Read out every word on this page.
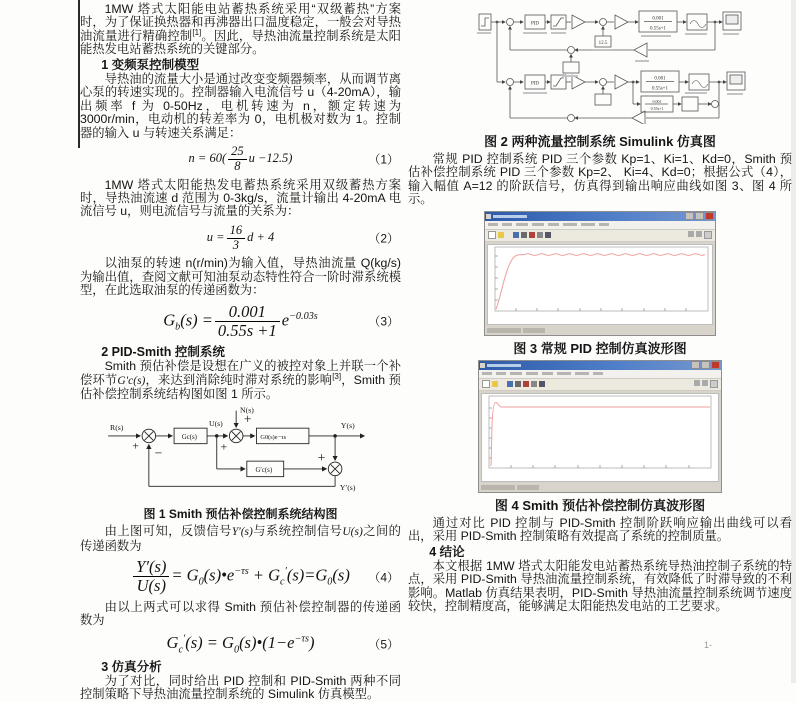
1MW 塔式太阳能电站蓄热系统采用“双级蓄热”方案时，为了保证换热器和再沸器出口温度稳定，一般会对导热油流量进行精确控制[1]。因此，导热油流量控制系统是太阳能热发电站蓄热系统的关键部分。

1 变频泵控制模型

导热油的流量大小是通过改变变频器频率，从而调节离心泵的转速实现的。控制器输入电流信号 u（4-20mA），输出频率 f 为 0-50Hz，电机转速为 n，额定转速为 3000r/min，电动机的转差率为 0，电机极对数为 1。控制器的输入 u 与转速关系满足：

$n = 60( \frac{25}{8}$ u −12.5)	（1）

1MW 塔式太阳能热发电蓄热系统采用双级蓄热方案时，导热油流速 d 范围为 0-3kg/s，流量计输出 4-20mA 电流信号 u，则电流信号与流量的关系为：

$u = \frac{16}{3}$ d + 4	（2）

以油泵的转速 n(r/min)为输入值，导热油流量 Q(kg/s)为输出值，查阅文献可知油泵动态特性符合一阶时滞系统模型，在此选取油泵的传递函数为：

$G_b(s) = \frac{0.001}{0.55s +1} e^{-0.03s}$	（3）
2 PID-Smith 控制系统

Smith 预估补偿是设想在广义的被控对象上并联一个补偿环节G′c(s)，来达到消除纯时滞对系统的影响[3]，Smith 预估补偿控制系统结构图如图 1 所示。

R(s)	U(s)
N(s)
Y(s)
Y′(s)
Gc(s)	G0(s)e−τs
G′c(s)
+	+
+
+
−
图 1 Smith 预估补偿控制系统结构图

由上图可知，反馈信号Y′(s)与系统控制信号U(s)之间的传递函数为

$\frac{Y'(s)}{U(s)}$ = $G_0(s)•e^{-\tau s} + G_c'(s)=G_0(s)$ （4）

由以上两式可以求得 Smith 预估补偿控制器的传递函数为

$G_c'(s)$ = $G_0(s)•(1-e^{-\tau s})$	（5）
3 仿真分析

为了对比，同时给出 PID 控制和 PID-Smith 两种不同控制策略下导热油流量控制系统的 Simulink 仿真模型。

PID
12.5
0.001
0.55s+1
PID
0.001
0.55s+1
0.001
0.55s+1
图 2 两种流量控制系统 Simulink 仿真图

常规 PID 控制系统 PID 三个参数 Kp=1、Ki=1、Kd=0，Smith 预估补偿控制系统 PID 三个参数 Kp=2、 Ki=4、Kd=0；根据公式（4），输入幅值 A=12 的阶跃信号，仿真得到输出响应曲线如图 3、图 4 所示。

图 3 常规 PID 控制仿真波形图
图 4 Smith 预估补偿控制仿真波形图

通过对比 PID 控制与 PID-Smith 控制阶跃响应输出曲线可以看出，采用 PID-Smith 控制策略有效提高了系统的控制质量。

4 结论

本文根据 1MW 塔式太阳能发电站蓄热系统导热油控制子系统的特点，采用 PID-Smith 导热油流量控制系统，有效降低了时滞导致的不利影响。Matlab 仿真结果表明，PID-Smith 导热油流量控制系统调节速度较快，控制精度高，能够满足太阳能热发电站的工艺要求。

1-
